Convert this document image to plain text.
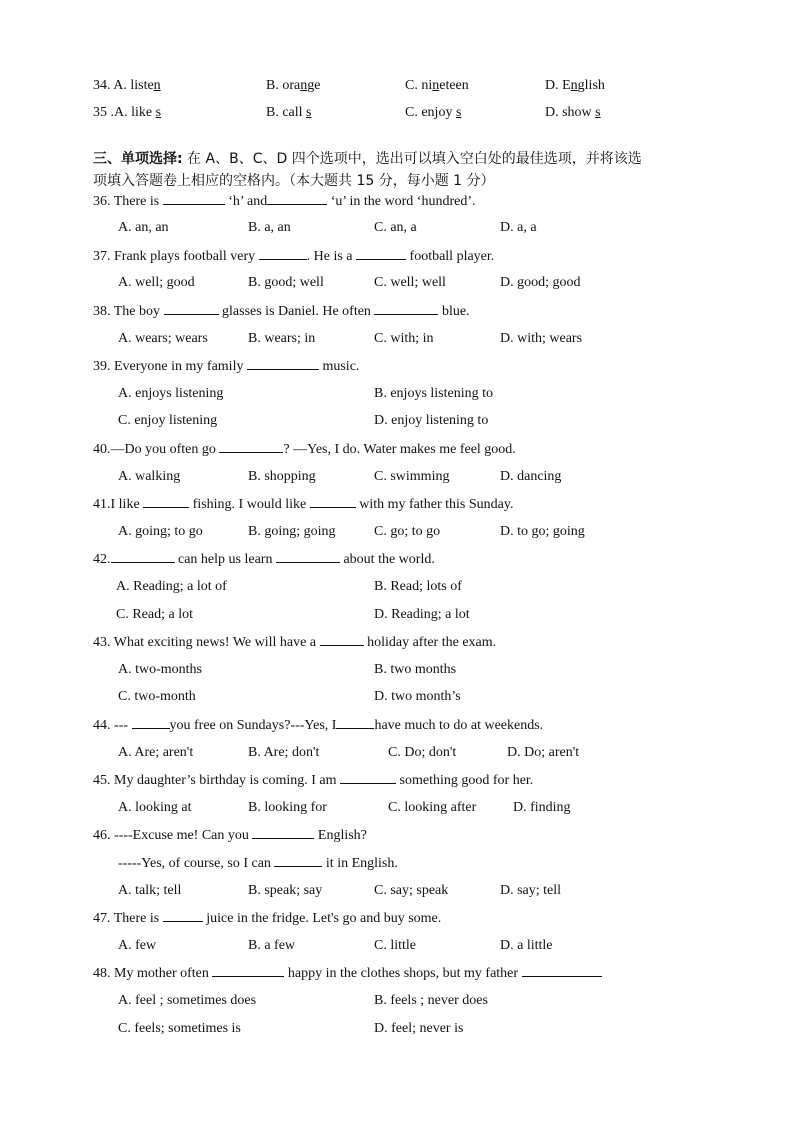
34. A. listen	B. orange	C. nineteen	D. English
35 .A. like s	B. call s	C. enjoy s	D. show s
三、单项选择: 在 A、B、C、D 四个选项中，选出可以填入空白处的最佳选项，并将该选
项填入答题卷上相应的空格内。（本大题共 15 分，每小题 1 分）
36. There is	‘h’ and	‘u’ in the word ‘hundred’.
A. an, an	B. a, an	C. an, a	D. a, a
37. Frank plays football very	. He is a	football player.
A. well; good	B. good; well	C. well; well	D. good; good
38. The boy	glasses is Daniel. He often	blue.
A. wears; wears	B. wears; in	C. with; in	D. with; wears
39. Everyone in my family	music.
A. enjoys listening	B. enjoys listening to
C. enjoy listening	D. enjoy listening to
40.—Do you often go	? —Yes, I do. Water makes me feel good.
A. walking	B. shopping	C. swimming	D. dancing
41.I like	fishing. I would like	with my father this Sunday.
A. going; to go	B. going; going	C. go; to go	D. to go; going
42.	can help us learn	about the world.
A. Reading; a lot of	B. Read; lots of
C. Read; a lot	D. Reading; a lot
43. What exciting news! We will have a	holiday after the exam.
A. two-months	B. two months
C. two-month	D. two month’s
44. ---	you free on Sundays?---Yes, I	have much to do at weekends.
A. Are; aren't	B. Are; don't	C. Do; don't	D. Do; aren't
45. My daughter’s birthday is coming. I am	something good for her.
A. looking at	B. looking for	C. looking after	D. finding
46. ----Excuse me! Can you	English?
-----Yes, of course, so I can	it in English.
A. talk; tell	B. speak; say	C. say; speak	D. say; tell
47. There is	juice in the fridge. Let's go and buy some.
A. few	B. a few	C. little	D. a little
48. My mother often	happy in the clothes shops, but my father
A. feel ; sometimes does	B. feels ; never does
C. feels; sometimes is	D. feel; never is
